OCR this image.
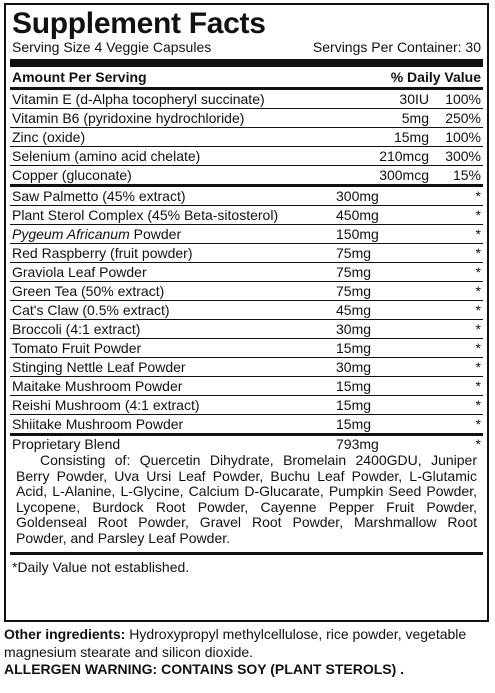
Supplement Facts
Serving Size 4 Veggie Capsules	Servings Per Container: 30
Amount Per Serving	% Daily Value
Vitamin E (d-Alpha tocopheryl succinate)	30IU	100%
Vitamin B6 (pyridoxine hydrochloride)	5mg	250%
Zinc (oxide)	15mg	100%
Selenium (amino acid chelate)	210mcg	300%
Copper (gluconate)	300mcg	15%
Saw Palmetto (45% extract)	300mg	*
Plant Sterol Complex (45% Beta-sitosterol)	450mg	*
Pygeum Africanum Powder	150mg	*
Red Raspberry (fruit powder)	75mg	*
Graviola Leaf Powder	75mg	*
Green Tea (50% extract)	75mg	*
Cat's Claw (0.5% extract)	45mg	*
Broccoli (4:1 extract)	30mg	*
Tomato Fruit Powder	15mg	*
Stinging Nettle Leaf Powder	30mg	*
Maitake Mushroom Powder	15mg	*
Reishi Mushroom (4:1 extract)	15mg	*
Shiitake Mushroom Powder	15mg	*
Proprietary Blend	793mg	*
Consisting of: Quercetin Dihydrate, Bromelain 2400GDU, Juniper Berry Powder, Uva Ursi Leaf Powder, Buchu Leaf Powder, L-Glutamic Acid, L-Alanine, L-Glycine, Calcium D-Glucarate, Pumpkin Seed Powder, Lycopene, Burdock Root Powder, Cayenne Pepper Fruit Powder, Goldenseal Root Powder, Gravel Root Powder, Marshmallow Root Powder, and Parsley Leaf Powder.
*Daily Value not established.
Other ingredients: Hydroxypropyl methylcellulose, rice powder, vegetable magnesium stearate and silicon dioxide.
ALLERGEN WARNING: CONTAINS SOY (PLANT STEROLS) .
